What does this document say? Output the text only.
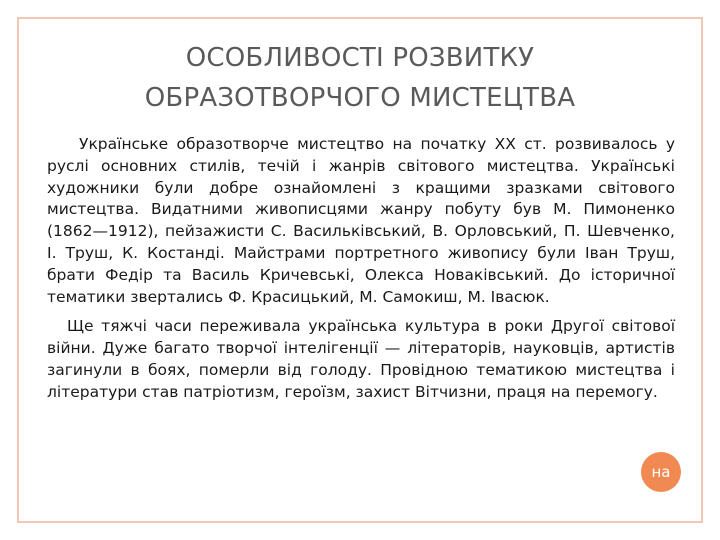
ОСОБЛИВОСТІ РОЗВИТКУ
ОБРАЗОТВОРЧОГО МИСТЕЦТВА

Українське образотворче мистецтво на початку XX ст. розвивалось у руслі основних стилів, течій і жанрів світового мистецтва. Українські художники були добре ознайомлені з кращими зразками світового мистецтва. Видатними живописцями жанру побуту був М. Пимоненко (1862—1912), пейзажисти С. Васильківський, В. Орловський, П. Шевченко, І. Труш, К. Костанді. Майстрами портретного живопису були Іван Труш, брати Федір та Василь Кричевські, Олекса Новаківський. До історичної тематики звертались Ф. Красицький, М. Самокиш, М. Івасюк.

Ще тяжчі часи переживала українська культура в роки Другої світової війни. Дуже багато творчої інтелігенції — літераторів, науковців, артистів загинули в боях, померли від голоду. Провідною тематикою мистецтва і літератури став патріотизм, героїзм, захист Вітчизни, праця на перемогу.

на
